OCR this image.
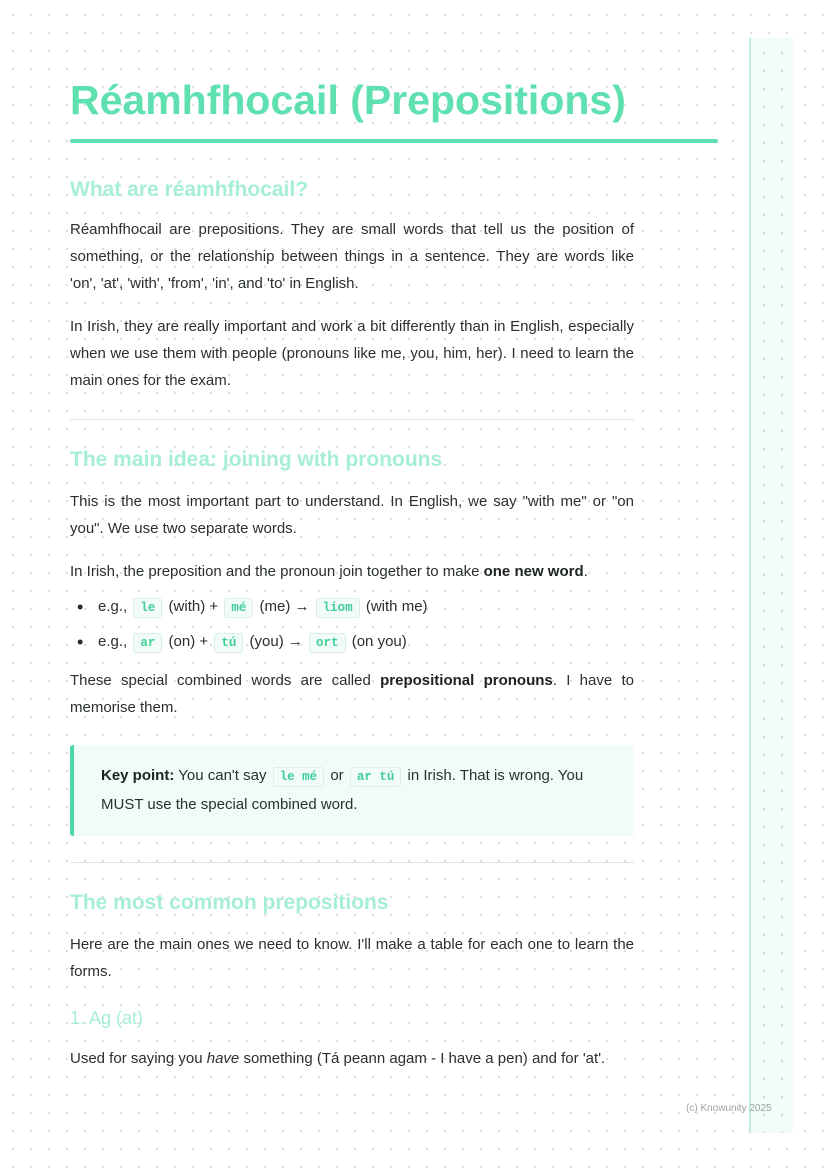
Réamhfhocail (Prepositions)
What are réamhfhocail?

Réamhfhocail are prepositions. They are small words that tell us the position of something, or the relationship between things in a sentence. They are words like 'on', 'at', 'with', 'from', 'in', and 'to' in English.

In Irish, they are really important and work a bit differently than in English, especially when we use them with people (pronouns like me, you, him, her). I need to learn the main ones for the exam.

The main idea: joining with pronouns

This is the most important part to understand. In English, we say "with me" or "on you". We use two separate words.

In Irish, the preposition and the pronoun join together to make one new word.

• e.g., le (with) + mé (me) → liom (with me)
• e.g., ar (on) + tú (you) → ort (on you)

These special combined words are called prepositional pronouns. I have to memorise them.

Key point: You can't say le mé or ar tú in Irish. That is wrong. You MUST use the special combined word.
The most common prepositions

Here are the main ones we need to know. I'll make a table for each one to learn the forms.

1. Ag (at)

Used for saying you have something (Tá peann agam - I have a pen) and for 'at'.

(c) Knowunity 2025
